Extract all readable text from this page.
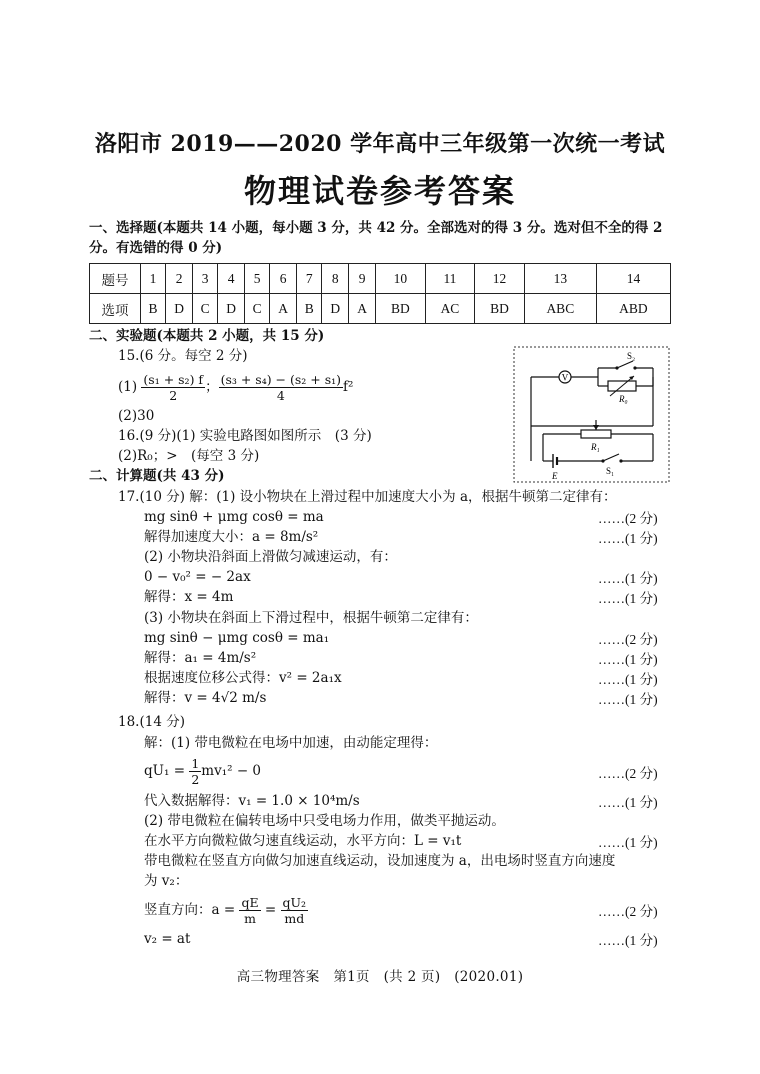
洛阳市 2019——2020 学年高中三年级第一次统一考试
物理试卷参考答案
一、选择题(本题共 14 小题，每小题 3 分，共 42 分。全部选对的得 3 分。选对但不全的得 2
分。有选错的得 0 分)
题号	1	2	3	4	5	6	7	8	9	10	11	12	13	14
选项	B	D	C	D	C	A	B	D	A	BD	AC	BD	ABC	ABD
二、实验题(本题共 2 小题，共 15 分)
15.(6 分。每空 2 分)
$(1) \frac{\text{(s₁ + s₂) f}}{2}$ ； $\frac{\text{(s₃ + s₄) − (s₂ + s₁)}}{4} f^2$
(2)30
16.(9 分)(1) 实验电路图如图所示　(3 分)
(2)R₀；>　(每空 3 分)
V
S₂
R₀
R₁
E	S₁
二、计算题(共 43 分)
17.(10 分) 解：(1) 设小物块在上滑过程中加速度大小为 a，根据牛顿第二定律有：
mg sinθ + μmg cosθ = ma	……(2 分)
解得加速度大小：a = 8m/s²	……(1 分)
(2) 小物块沿斜面上滑做匀减速运动，有：
0 − v₀² = − 2ax	……(1 分)
解得：x = 4m	……(1 分)
(3) 小物块在斜面上下滑过程中，根据牛顿第二定律有：
mg sinθ − μmg cosθ = ma₁	……(2 分)
解得：a₁ = 4m/s²	……(1 分)
根据速度位移公式得：v² = 2a₁x	……(1 分)
解得：v = 4√2 m/s	……(1 分)
18.(14 分)
解：(1) 带电微粒在电场中加速，由动能定理得：
$qU_1 = \frac{1}{2} mv_1^2 - 0$	……(2 分)
代入数据解得：v₁ = 1.0 × 10⁴m/s	……(1 分)
(2) 带电微粒在偏转电场中只受电场力作用，做类平抛运动。
在水平方向微粒做匀速直线运动，水平方向：L = v₁t	……(1 分)
带电微粒在竖直方向做匀加速直线运动，设加速度为 a，出电场时竖直方向速度
为 v₂：
竖直方向：$a = \frac{qE}{m} = \frac{\text{qU₂}}{md}$	……(2 分)
v₂ = at	……(1 分)
高三物理答案　第1页　(共 2 页)　(2020.01)
